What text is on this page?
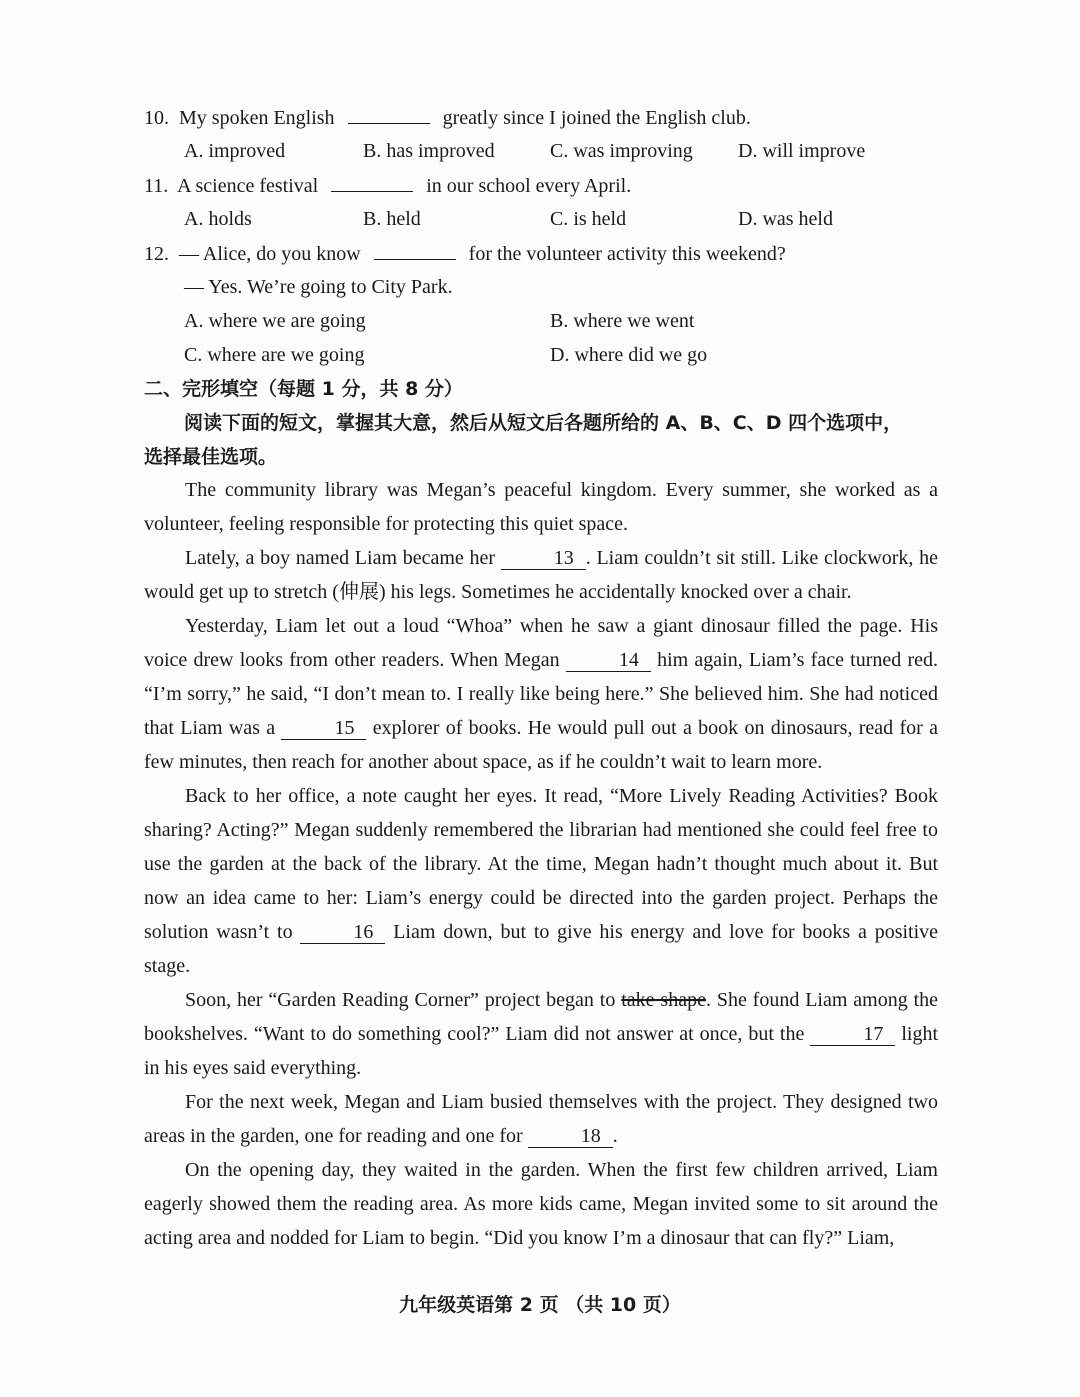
10. My spoken English	greatly since I joined the English club.
A. improved	B. has improved	C. was improving D. will improve
11. A science festival	in our school every April.
A. holds	B. held	C. is held	D. was held
12. — Alice, do you know	for the volunteer activity this weekend?
— Yes. We’re going to City Park.
A. where we are going	B. where we went
C. where are we going	D. where did we go
二、完形填空（每题 1 分，共 8 分）
阅读下面的短文，掌握其大意，然后从短文后各题所给的 A、B、C、D 四个选项中，
选择最佳选项。

The community library was Megan’s peaceful kingdom. Every summer, she worked as a volunteer, feeling responsible for protecting this quiet space.

Lately, a boy named Liam became her	13 . Liam couldn’t sit still. Like clockwork, he would get up to stretch (伸展) his legs. Sometimes he accidentally knocked over a chair.

Yesterday, Liam let out a loud “Whoa” when he saw a giant dinosaur filled the page. His voice drew looks from other readers. When Megan	14 him again, Liam’s face turned red. “I’m sorry,” he said, “I don’t mean to. I really like being here.” She believed him. She had noticed that Liam was a	15 explorer of books. He would pull out a book on dinosaurs, read for a few minutes, then reach for another about space, as if he couldn’t wait to learn more.

Back to her office, a note caught her eyes. It read, “More Lively Reading Activities? Book sharing? Acting?” Megan suddenly remembered the librarian had mentioned she could feel free to use the garden at the back of the library. At the time, Megan hadn’t thought much about it. But now an idea came to her: Liam’s energy could be directed into the garden project. Perhaps the solution wasn’t to	16 Liam down, but to give his energy and love for books a positive stage.

Soon, her “Garden Reading Corner” project began to take shape. She found Liam among the bookshelves. “Want to do something cool?” Liam did not answer at once, but the	17 light in his eyes said everything.

For the next week, Megan and Liam busied themselves with the project. They designed two areas in the garden, one for reading and one for	18 .

On the opening day, they waited in the garden. When the first few children arrived, Liam eagerly showed them the reading area. As more kids came, Megan invited some to sit around the acting area and nodded for Liam to begin. “Did you know I’m a dinosaur that can fly?” Liam,

九年级英语第 2 页 （共 10 页）
